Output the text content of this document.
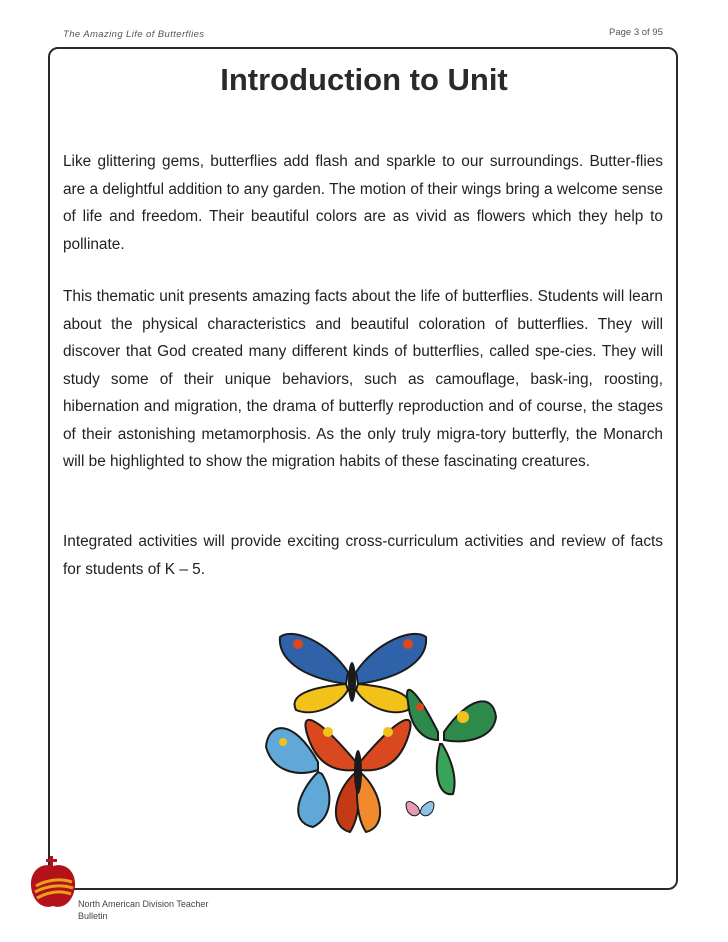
The Amazing Life of Butterflies	Page 3 of 95
Introduction to Unit

Like glittering gems, butterflies add flash and sparkle to our surroundings. Butter-flies are a delightful addition to any garden. The motion of their wings bring a welcome sense of life and freedom. Their beautiful colors are as vivid as flowers which they help to pollinate.

This thematic unit presents amazing facts about the life of butterflies. Students will learn about the physical characteristics and beautiful coloration of butterflies. They will discover that God created many different kinds of butterflies, called spe-cies. They will study some of their unique behaviors, such as camouflage, bask-ing, roosting, hibernation and migration, the drama of butterfly reproduction and of course, the stages of their astonishing metamorphosis. As the only truly migra-tory butterfly, the Monarch will be highlighted to show the migration habits of these fascinating creatures.

Integrated activities will provide exciting cross-curriculum activities and review of facts for students of K – 5.

North American Division Teacher Bulletin
